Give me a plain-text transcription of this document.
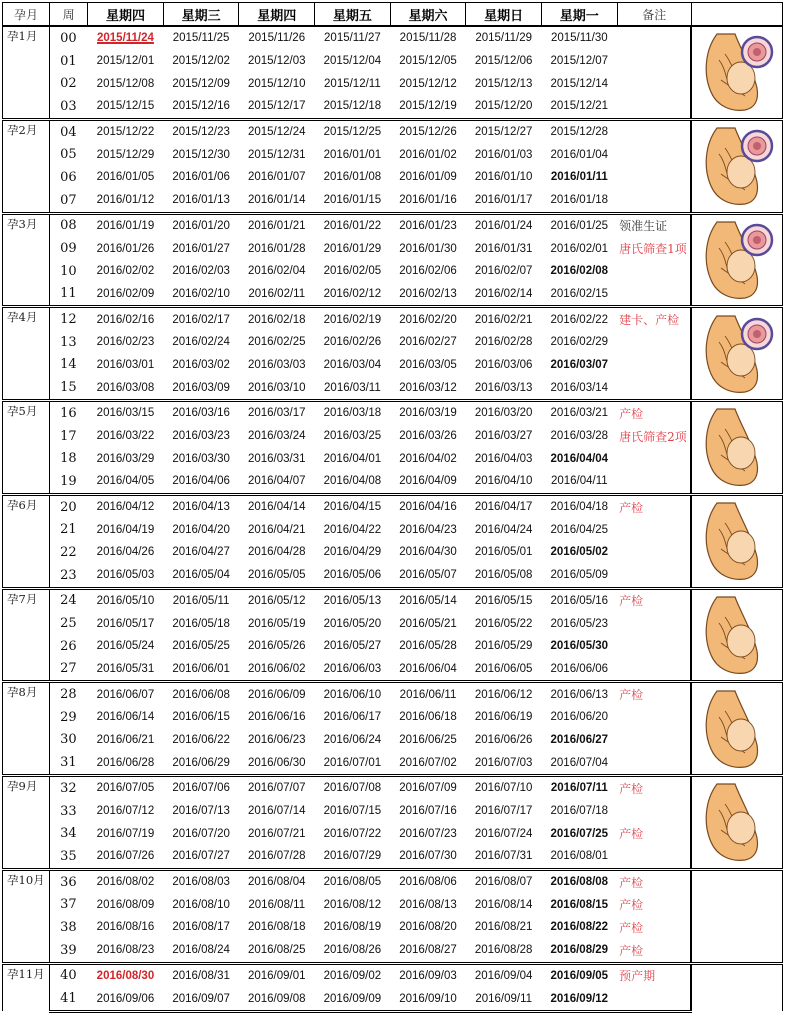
孕月	周	星期四	星期三	星期四	星期五	星期六	星期日	星期一	备注	
孕1月	00	2015/11/24	2015/11/25	2015/11/26	2015/11/27	2015/11/28	2015/11/29	2015/11/30		

	01	2015/12/01	2015/12/02	2015/12/03	2015/12/04	2015/12/05	2015/12/06	2015/12/07		
	02	2015/12/08	2015/12/09	2015/12/10	2015/12/11	2015/12/12	2015/12/13	2015/12/14		
	03	2015/12/15	2015/12/16	2015/12/17	2015/12/18	2015/12/19	2015/12/20	2015/12/21		
孕2月	04	2015/12/22	2015/12/23	2015/12/24	2015/12/25	2015/12/26	2015/12/27	2015/12/28		

	05	2015/12/29	2015/12/30	2015/12/31	2016/01/01	2016/01/02	2016/01/03	2016/01/04		
	06	2016/01/05	2016/01/06	2016/01/07	2016/01/08	2016/01/09	2016/01/10	2016/01/11		
	07	2016/01/12	2016/01/13	2016/01/14	2016/01/15	2016/01/16	2016/01/17	2016/01/18		
孕3月	08	2016/01/19	2016/01/20	2016/01/21	2016/01/22	2016/01/23	2016/01/24	2016/01/25	领准生证	

	09	2016/01/26	2016/01/27	2016/01/28	2016/01/29	2016/01/30	2016/01/31	2016/02/01	唐氏筛查1项	
	10	2016/02/02	2016/02/03	2016/02/04	2016/02/05	2016/02/06	2016/02/07	2016/02/08		
	11	2016/02/09	2016/02/10	2016/02/11	2016/02/12	2016/02/13	2016/02/14	2016/02/15		
孕4月	12	2016/02/16	2016/02/17	2016/02/18	2016/02/19	2016/02/20	2016/02/21	2016/02/22	建卡、产检	

	13	2016/02/23	2016/02/24	2016/02/25	2016/02/26	2016/02/27	2016/02/28	2016/02/29		
	14	2016/03/01	2016/03/02	2016/03/03	2016/03/04	2016/03/05	2016/03/06	2016/03/07		
	15	2016/03/08	2016/03/09	2016/03/10	2016/03/11	2016/03/12	2016/03/13	2016/03/14		
孕5月	16	2016/03/15	2016/03/16	2016/03/17	2016/03/18	2016/03/19	2016/03/20	2016/03/21	产检	

	17	2016/03/22	2016/03/23	2016/03/24	2016/03/25	2016/03/26	2016/03/27	2016/03/28	唐氏筛查2项	
	18	2016/03/29	2016/03/30	2016/03/31	2016/04/01	2016/04/02	2016/04/03	2016/04/04		
	19	2016/04/05	2016/04/06	2016/04/07	2016/04/08	2016/04/09	2016/04/10	2016/04/11		
孕6月	20	2016/04/12	2016/04/13	2016/04/14	2016/04/15	2016/04/16	2016/04/17	2016/04/18	产检	

	21	2016/04/19	2016/04/20	2016/04/21	2016/04/22	2016/04/23	2016/04/24	2016/04/25		
	22	2016/04/26	2016/04/27	2016/04/28	2016/04/29	2016/04/30	2016/05/01	2016/05/02		
	23	2016/05/03	2016/05/04	2016/05/05	2016/05/06	2016/05/07	2016/05/08	2016/05/09		
孕7月	24	2016/05/10	2016/05/11	2016/05/12	2016/05/13	2016/05/14	2016/05/15	2016/05/16	产检	

	25	2016/05/17	2016/05/18	2016/05/19	2016/05/20	2016/05/21	2016/05/22	2016/05/23		
	26	2016/05/24	2016/05/25	2016/05/26	2016/05/27	2016/05/28	2016/05/29	2016/05/30		
	27	2016/05/31	2016/06/01	2016/06/02	2016/06/03	2016/06/04	2016/06/05	2016/06/06		
孕8月	28	2016/06/07	2016/06/08	2016/06/09	2016/06/10	2016/06/11	2016/06/12	2016/06/13	产检	

	29	2016/06/14	2016/06/15	2016/06/16	2016/06/17	2016/06/18	2016/06/19	2016/06/20		
	30	2016/06/21	2016/06/22	2016/06/23	2016/06/24	2016/06/25	2016/06/26	2016/06/27		
	31	2016/06/28	2016/06/29	2016/06/30	2016/07/01	2016/07/02	2016/07/03	2016/07/04		
孕9月	32	2016/07/05	2016/07/06	2016/07/07	2016/07/08	2016/07/09	2016/07/10	2016/07/11	产检	

	33	2016/07/12	2016/07/13	2016/07/14	2016/07/15	2016/07/16	2016/07/17	2016/07/18		
	34	2016/07/19	2016/07/20	2016/07/21	2016/07/22	2016/07/23	2016/07/24	2016/07/25	产检	
	35	2016/07/26	2016/07/27	2016/07/28	2016/07/29	2016/07/30	2016/07/31	2016/08/01		
孕10月	36	2016/08/02	2016/08/03	2016/08/04	2016/08/05	2016/08/06	2016/08/07	2016/08/08	产检	
	37	2016/08/09	2016/08/10	2016/08/11	2016/08/12	2016/08/13	2016/08/14	2016/08/15	产检	
	38	2016/08/16	2016/08/17	2016/08/18	2016/08/19	2016/08/20	2016/08/21	2016/08/22	产检	
	39	2016/08/23	2016/08/24	2016/08/25	2016/08/26	2016/08/27	2016/08/28	2016/08/29	产检	
孕11月	40	2016/08/30	2016/08/31	2016/09/01	2016/09/02	2016/09/03	2016/09/04	2016/09/05	预产期	
	41	2016/09/06	2016/09/07	2016/09/08	2016/09/09	2016/09/10	2016/09/11	2016/09/12		
